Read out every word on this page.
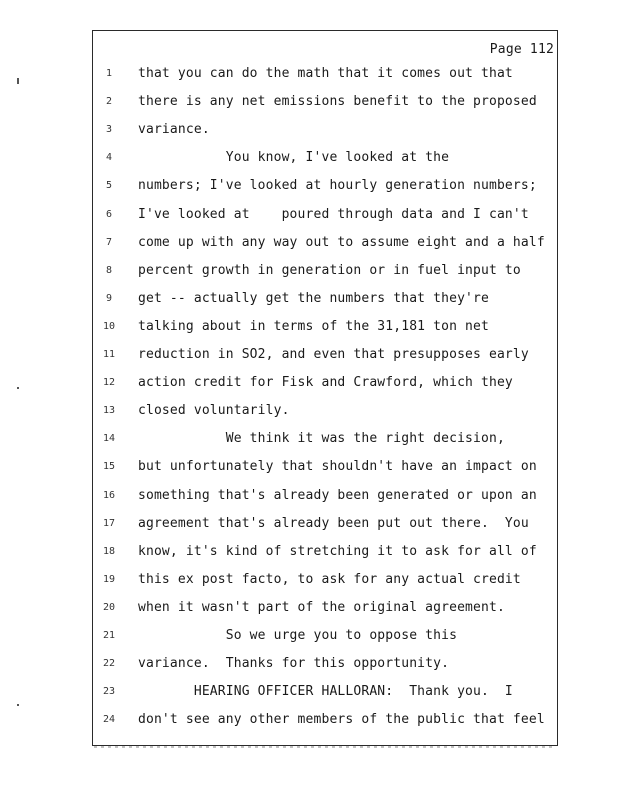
Page 112
1	that you can do the math that it comes out that
2	there is any net emissions benefit to the proposed
3	variance.
4	You know, I've looked at the
5	numbers; I've looked at hourly generation numbers;
6	I've looked at    poured through data and I can't
7	come up with any way out to assume eight and a half
8	percent growth in generation or in fuel input to
9	get -- actually get the numbers that they're
10	talking about in terms of the 31,181 ton net
11	reduction in SO2, and even that presupposes early
12	action credit for Fisk and Crawford, which they
13	closed voluntarily.
14	We think it was the right decision,
15	but unfortunately that shouldn't have an impact on
16	something that's already been generated or upon an
17	agreement that's already been put out there.  You
18	know, it's kind of stretching it to ask for all of
19	this ex post facto, to ask for any actual credit
20	when it wasn't part of the original agreement.
21	So we urge you to oppose this
22	variance.  Thanks for this opportunity.
23	HEARING OFFICER HALLORAN:  Thank you.  I
24	don't see any other members of the public that feel
